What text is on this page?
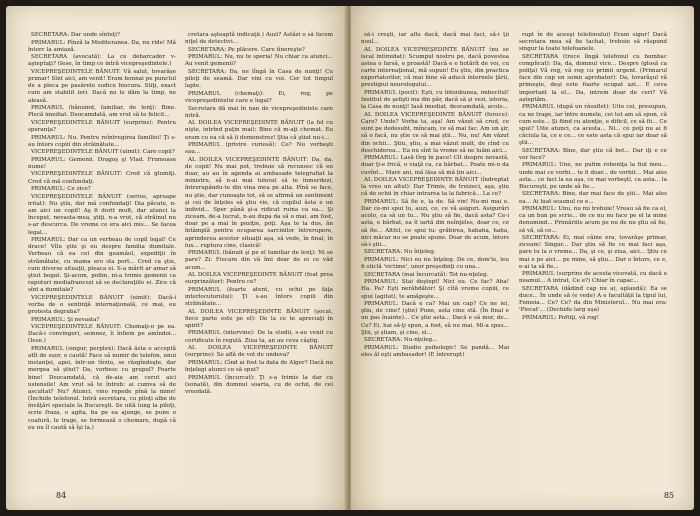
SECRETARA: Dar unde sînteţi?

PRIMARUL: Pînză la Mediteranea. Da, nu ride! Mă întorc la amiază.

SECRETARA (avocată): La ce debarcader v-aşteptaţi? (Iese, în timp ce intră vicepreşedintele.)

VICEPREŞEDINTELE BĂNUIT: Vă salut, tovarăşe primar! Sînt aici, am venit! Eram bonnai pe punctul de a pleca pe pasărele sudice biocura. Stiţi, exact cum am stabilit ieri. Dacă nu le dăm la timp, ne aleasă.

PRIMARUL (bănuind, familiar, de lenţ): Bine. Plecă imediat. Deocamdată, am vrut să te felicit...

VICEPREŞEDINTELE BĂNUIT (surprins): Pentru speranţa?

PRIMARUL: Nu. Pentru reîntregirea familiei! Ţi s-au întors copiii din străinătate...

VICEPREŞEDINTELE BĂNUIT (uimit): Care copii?

PRIMARUL: Gemenii. Dragoş şi Vlad. Frumoase nume!

VICEPREŞEDINTELE BĂNUIT: Cred că glumiţi. Cred că mă confundaţi.

PRIMARUL: Ce zice?

VICEPREŞEDINTELE BĂNUIT (serios, aproape iritat): Nu ştiu, dar mă confundaţi! Dia păcate, n-am aici un copil! Aş fi dorit mult, dar atunci la început, nevasta-mea, ştiţi, n-a vrut, că străinul nu s-ar descurca. De vreme ce era aici mis... Se facea legal...

PRIMARUL: Dar ca un verbeau de copil legal! Ce drace! Vîlu ştiu şi eu despre familia dumitale. Verbeau că ea cel din geamăul, expediţii în străinătate, cu mama ero sta port... Cred ca ştie, cum diverse situaţii, pleaca ei. S-a mărit ar amar să ştiut bogat. Şi-acum, pofim, ni-a trimis gemenii ca rapoturi mediafrancezi să se declaraţiile ei. Zice că sînt a dumitale?

VICEPREŞEDINTELE BĂNUIT (uimit): Dacă-i vorba de o sentinţă internaţională, ce mai, eu protesta degraba?

PRIMARUL: Şi nevasta?

VICEPREŞEDINTELE BĂNUIT: Chemaţi-o pe ea. Dacă-i convingeri, semnez, îi înfiem pe amîndoi... (Iese.)

PRIMARUL (singur, perplex): Dacă ăsta o acceptă atît de ușor, e caută! Face să numir de telefon, unui instanţei, apoi, într-un tîrziu, se răzgîndeşte, dar mergea să ştiut? Da, vorbesc cu grupul? Foarte bine! Deocamdată, că de-aia am cerut aici ustensile! Am vrut să te întreb: ai cumva să de ascultat? Nu? Atunci, vino repede pînă la mine! (Închide telefonul. Intră secretara, cu piloţi albe de învăţări speciale la Bucureşti. Se uită lung la piloţi, scrie fraza, o agita, ba pe ea ajunge, se pune o coafură, le trage, se formează o chemare, după că eu nu îl caută să îşi la.)

cretara aşteaptă indicaţii.) Auzi? Astăzi o să facem niţel de detectivi...

SECRETARA: Pe plăcere. Care tînereşte?

PRIMARUL: Nu, nu te speria! Nu chiar ca atunci... Au venit gemenii?

SECRETARA: Da, ne lîngă în Casa de nunţi! Cu piloţi de seamă. Dar vini cu voi. Cer tot timpul lapte.

PRIMARUL (chemaţi): Ei, rog, pe vicepreşedintelui care e legal?

Secretara dă mai în nan de vicepreşedintele care intră.

AL DOILEA VICEPREŞEDINTE BĂNUIT (la fel cu nişte, intrînd puţin mai): Bine că m-aţi chemat. Eu eram cu ea că să îi demonstrez! Ştia că ştiut nu-i...

PRIMARUL (privire curiosă): Ce? Nu vorbeşti sau...

AL DOILEA VICEPREŞEDINTE BĂNUIT: Da, da, de copii! Nu mai pot, trebuie să recunosc că eu doar, au au în agenda ai ambasade telegrafiat la ministru, să n-ai mai tolerat să te înmerdezi, întrerupându-te din vina mea pe alta. Pînă se face, nu ştie, dar cunoaşte tot, să se afirmă un sentiment şi cei de înţeles să ştiu vie, că copilul ăsta e un individ... Sper până şi-a ridicat ruina ca ea... Şi ziceam, de-a lucrat, n-au dupa da să o mai, am fost, doar pe a mai în poziţie, poţi. Aşa te la dus, ăn întâmplă pentru ocuparea sarcinilor întrerupere, aprinderea acestor situaţii aşa, să vede, în final, în lux... ruptura cine, clasică!

PRIMARUL (bănuit şi pe el familiar de lenţ): Ni se pare? Zi: Fiecare din vă îmi doar de ei ce văd acum...

AL DOILEA VICEPREŞEDINTE BĂNUIT (foat prea surprinzător): Pentru ce?

PRIMARUL (foarte atent, cu ochii pe faţa interlocutorului): Ţi s-au întors copiii din străinătate...

AL DOILEA VICEPREŞEDINTE BĂNUIT (şocat, fiece parte este pe el): De la ce te apreciaţi în spirit?

PRIMARUL (intervine): De la studii, s-au venit cu certificate în regulă. Ziua ta, an au ceva câştig.

AL DOILEA VICEPREŞEDINTE BĂNUIT (surprins): Se află de vot de undeva?

PRIMARUL: Cînd ai fost la data de Alger? Dacă nu înţelegi atunci ce să spui?

PRIMARUL (încurcat): Ţi s-a trimis la dar cu (sonată), din domnul soarta, cu de ochii, de cei vreodată.

84

să-i creşti, iar aflu dacă, dacă mai faci, să-i ţii noul...

AL DOILEA VICEPREŞEDINTE BĂNUIT (nu se iscal intimidat): Scumpul nostru pe, dacă povestea astea o farsă, e proastă! Dacă e e hotărît de voi, cu carte internaţional, mă supun! Eu ştiu, din practica exportatorilor, că mai bine să aducă internele ţării, prestigiul neurologului...

PRIMARUL (pocit): Eşti, cu întoidiunea, imbecilul! Institut de şefişti ma din păr, dacă să şi vezi, istoria, la Casa de nunţi! Iasă imediat, deocamdată, acolo...

AL DOILEA VICEPREŞEDINTE BĂNUIT (feroce): Care? Unde? Vorba ta, aşa! Am văzut să cred, ce sunt pe dedesubt, mîncam, ce să mai fac. Am un şir, să o facă, nu ştie ce să mai ştii... Nu, nu! Am văzut din ochii... Ştiu, ştiu, a mai văzut mult, de cînd cu deschiderea... Ea nu sînt la vreme să ne luăm aici...

PRIMARUL: Lasă tîrg în pace! Cît despre nevastă, doar ţi-e frică, o viaţă ca, ca bărbat... Poate mi-o da cuvînt... Mare ani, mă lăsa să mă țin aici...

AL DOILEA VICEPREŞEDINTE BĂNUIT (îndreptat la vreo un altul): Dar Trimis, de treizeci, aşa, ştiu că de ochii în chiar intrarea ta la fabrică... La ce?

PRIMARUL: Să fie e, la de. Să vin! Nu-mi mai e. Dar ce-mi spui tu, auzi, ce, ce vă asiguri. Asigurări acolo, ca să un tu... Nu ştiu să fie, dacă asta? Ce-i asta, e bărbat, ea îl iartă din neînţeles, doar ce, ce să fie... Altfel, ce spui tu: grăbirea, hahaha, haha, nici măcar nu se poate spune. Doar de acum, întors să-i ştii...

SECRETARA: Nu înţeleg.

PRIMARUL: Nici eu nu înţeleg. De ce, dom'le, leu fi sticlă 'victime', unor preşedinţi cu una...

SECRETARA (mai încurcată): Tot nu-nţeleg.

PRIMARUL: Stai deştept! Nici eu. Ce fac? Aha! Ha. Pa? Eşti nerăbdător! Şi cîtă vreme copiii, ce spui (agitat), te amăgeşte...

PRIMARUL: Dacă e ca? Mai un cap? Ce ne iei, ştiu, de cine? (ştie) Pune, asta cine stă. (În final e un pas înainte)... Ce ştie asta... Dacă e să mor, de... Ce? Ei, hai să-ţi spun, a fost, să nu mai. Mi-a spus... Ştii, şi ştiam, şi cine, el...

SECRETARA: Nu-nţeleg...

PRIMARUL: Studiu psihologic! Se pandă... Mai eles ăl eşti ambasador! (E întrerupt)

rupt în de aceeşi telefonului) Eram sigur! Dacă secretara mea să fie tachat, trebuie să răspund singur la toate telefoanele.

SECRETARA (trece lîngă telefonul cu bumbac complicat): Da, da, domnul vice... Despre (glosă ca poliţa) Vă rog, vă rog cu primii urgent. (Primarul face din cap un semn aprobator): Da, tovarăşul vă primeşte, deşi este foarte ocupat azi... E ceva important la el... Da, intrem doar de ceri? Vă aşteptăm.

PRIMARUL (după un răsuflet): Uite cei, presupun, ca ne trage, iar între numele, cei tot am să spun, că cum este... Şi fiind cu atenţie, e dificil, ce să fii... Ce spui? Uite atunci, ca acesta... Ni... ce poţi nu ai fi căciula ta, ce e ce... ce este asta că spui iar doar să ştii...

SECRETARA: Bine, dar ştiu că bot... Dar iţi e ce vor face?

PRIMARUL: Une, ne pufim roboniţa la fiul meu... unde mai ce vorbi... te fi doar... de vorbit... Mai ales asta... ce faci la ea aşa, ce mai vorbeşti, ca asta... la Bucureşti, pe unde să fie...

SECRETARA: Bine, dar mai face de ştii... Mai ales ea... Ai luat scaunul ce e...

PRIMARUL: Unu, nu mi trebuie! Vreau să fie ca el, ca un bun pe scris... de ce nu nu face pe el la mine denumind... Primăriile acum pe nu de nu ştiu să fie, să vă, să ce...

SECRETARA: Ei, mai câine era, tovarăşe primar, ziceam! Singur... Dar ştiu să fie ce mai faci aşa, pare tu la o vreme... Da, şi ce, şi ziua, aici... Ştiu ce mai e pe aici... pe mine, să ştiu... Dar o întors, ce e, e-ai ta să fie...

PRIMARUL (surprins de acesta vicevată, cu dacă e neamul... A intrat, Ce e?) Chiar în capac...

SECRETARA (dădind cap nu ai, aplaudă): Ea se duce... În unde să (e vede) A e facultăţii la tipul lui, Femeia... Ce? Ce? da din Ministerul... Nu mai era: 'Plecat'... (Dechide larg uşa)

PRIMARUL: Poftiţi, vă rog!

85
